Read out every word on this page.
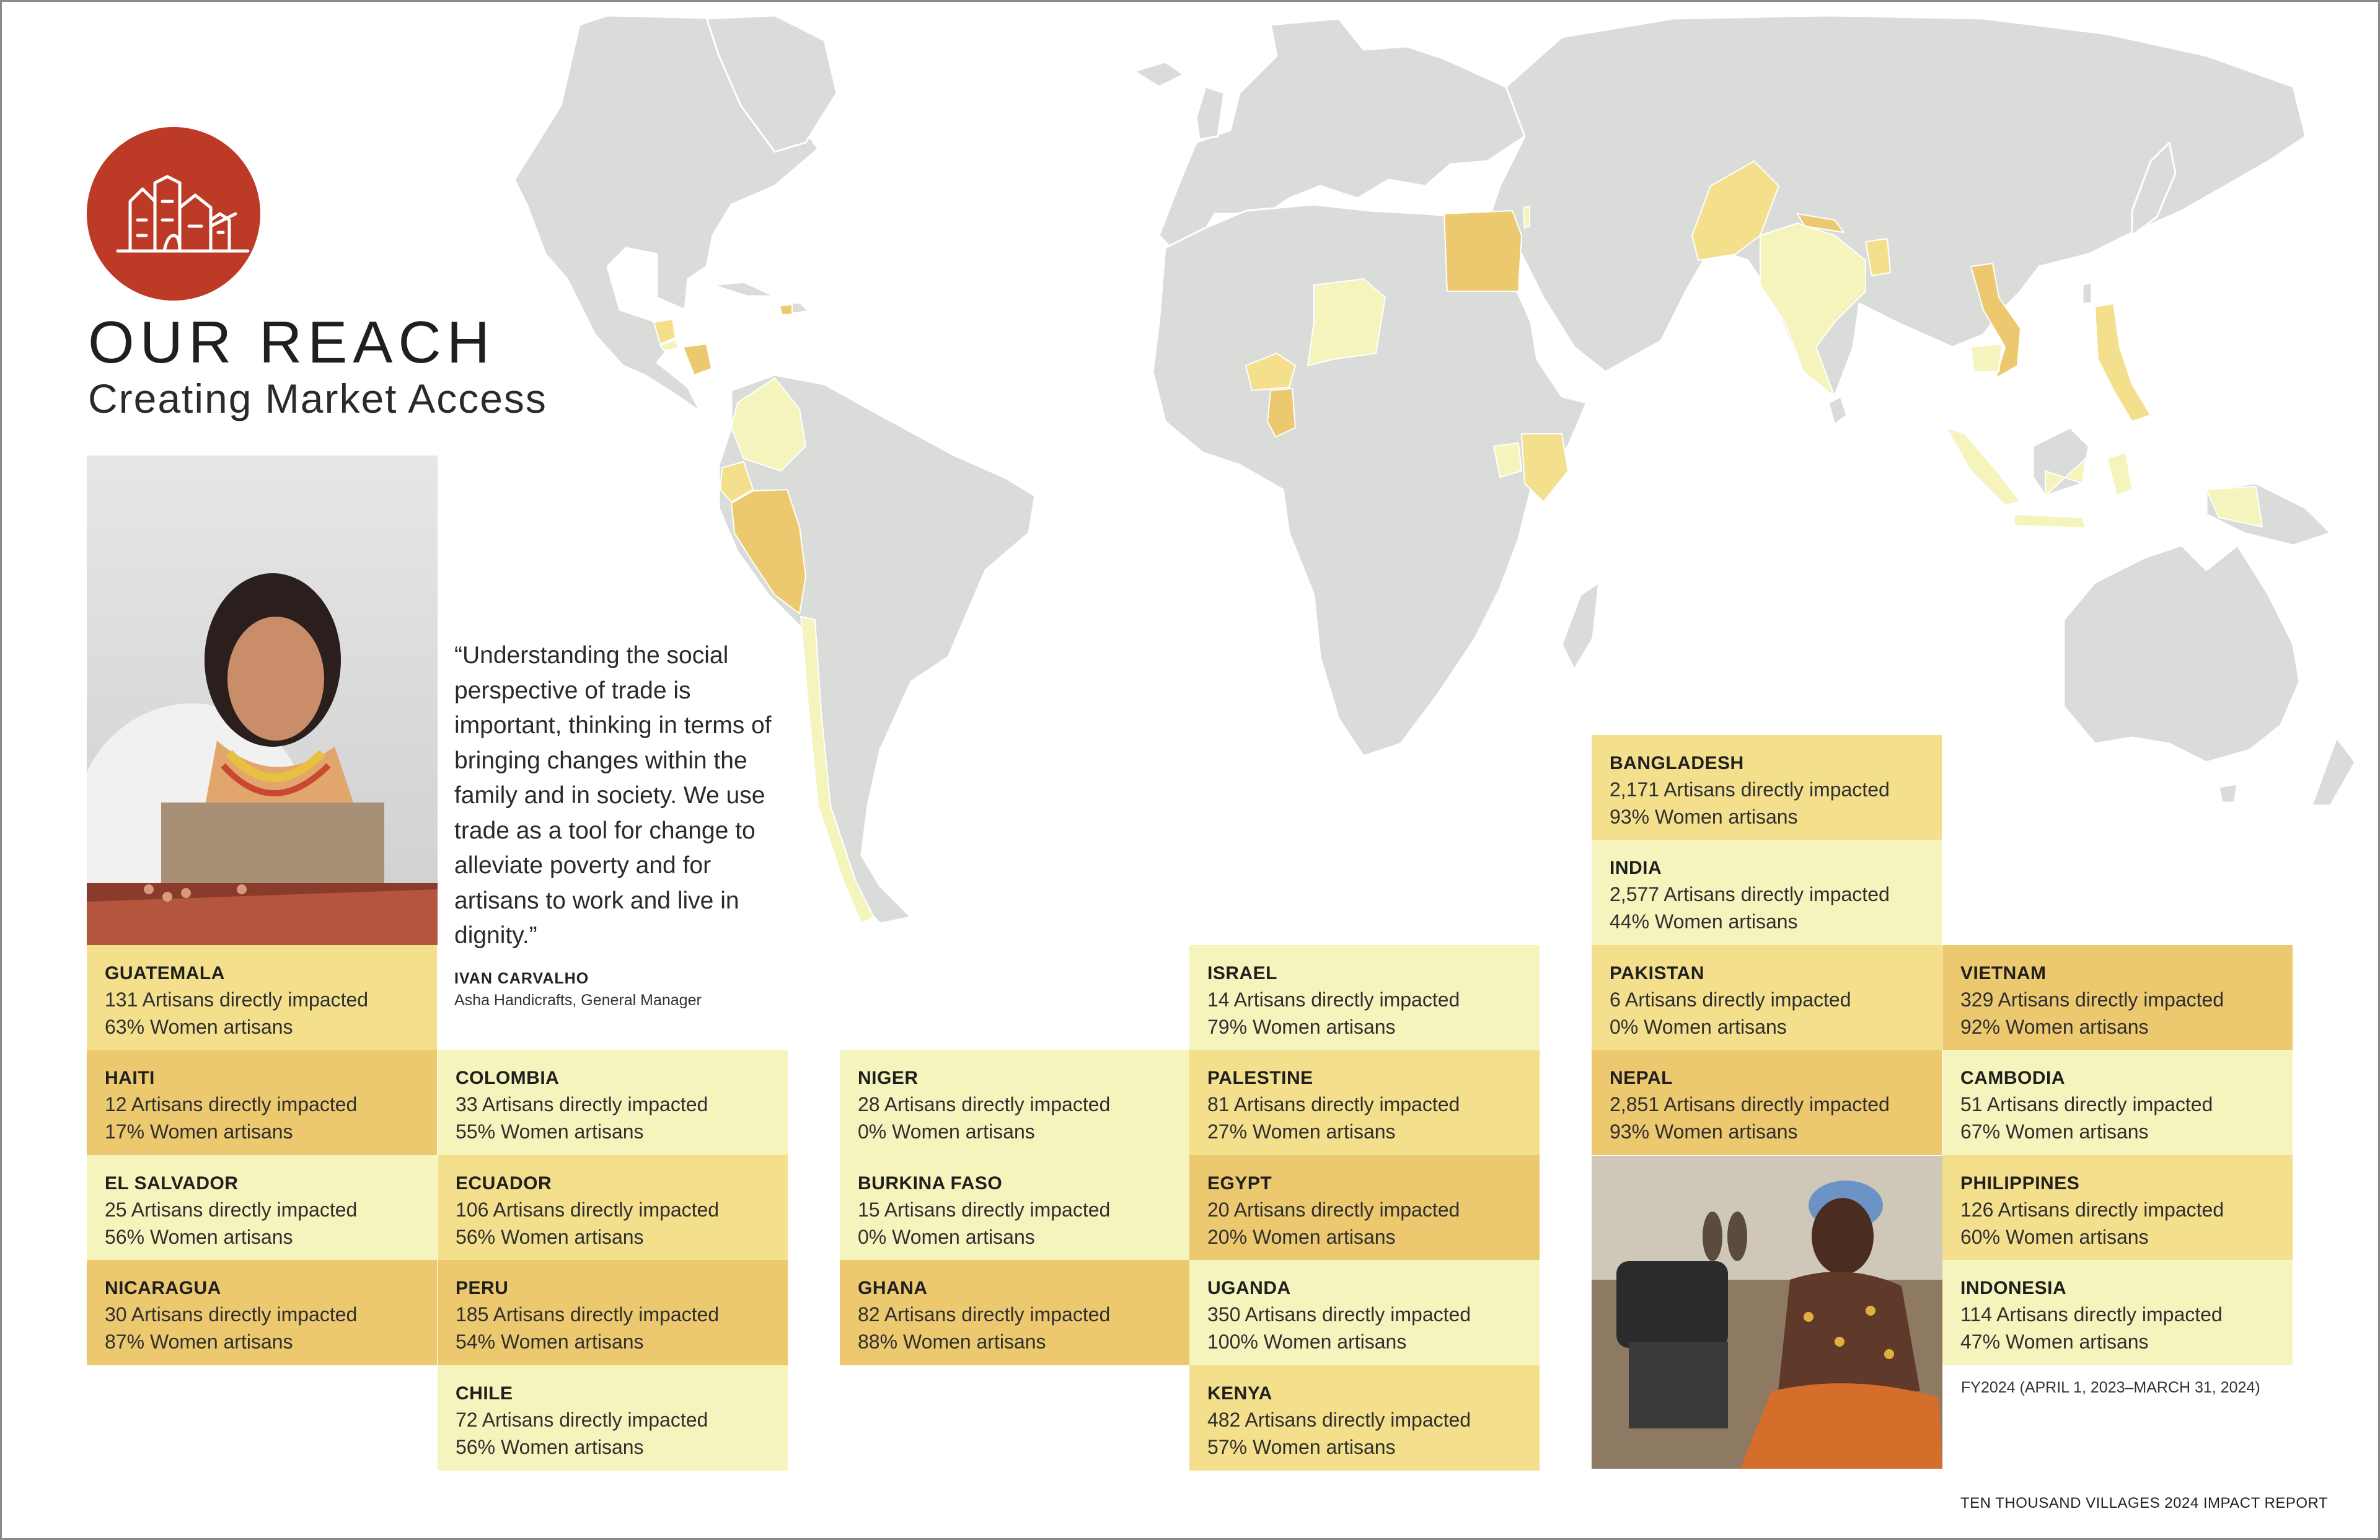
OUR REACH
Creating Market Access
“Understanding the social perspective of trade is important, thinking in terms of bringing changes within the family and in society. We use trade as a tool for change to alleviate poverty and for artisans to work and live in dignity.”
IVAN CARVALHO
Asha Handicrafts, General Manager
GUATEMALA
131 Artisans directly impacted
63% Women artisans
HAITI
12 Artisans directly impacted
17% Women artisans
EL SALVADOR
25 Artisans directly impacted
56% Women artisans
NICARAGUA
30 Artisans directly impacted
87% Women artisans
COLOMBIA
33 Artisans directly impacted
55% Women artisans
ECUADOR
106 Artisans directly impacted
56% Women artisans
PERU
185 Artisans directly impacted
54% Women artisans
CHILE
72 Artisans directly impacted
56% Women artisans
NIGER
28 Artisans directly impacted
0% Women artisans
BURKINA FASO
15 Artisans directly impacted
0% Women artisans
GHANA
82 Artisans directly impacted
88% Women artisans
ISRAEL
14 Artisans directly impacted
79% Women artisans
PALESTINE
81 Artisans directly impacted
27% Women artisans
EGYPT
20 Artisans directly impacted
20% Women artisans
UGANDA
350 Artisans directly impacted
100% Women artisans
KENYA
482 Artisans directly impacted
57% Women artisans
BANGLADESH
2,171 Artisans directly impacted
93% Women artisans
INDIA
2,577 Artisans directly impacted
44% Women artisans
PAKISTAN
6 Artisans directly impacted
0% Women artisans
NEPAL
2,851 Artisans directly impacted
93% Women artisans
VIETNAM
329 Artisans directly impacted
92% Women artisans
CAMBODIA
51 Artisans directly impacted
67% Women artisans
PHILIPPINES
126 Artisans directly impacted
60% Women artisans
INDONESIA
114 Artisans directly impacted
47% Women artisans
FY2024 (APRIL 1, 2023–MARCH 31, 2024)
TEN THOUSAND VILLAGES 2024 IMPACT REPORT
